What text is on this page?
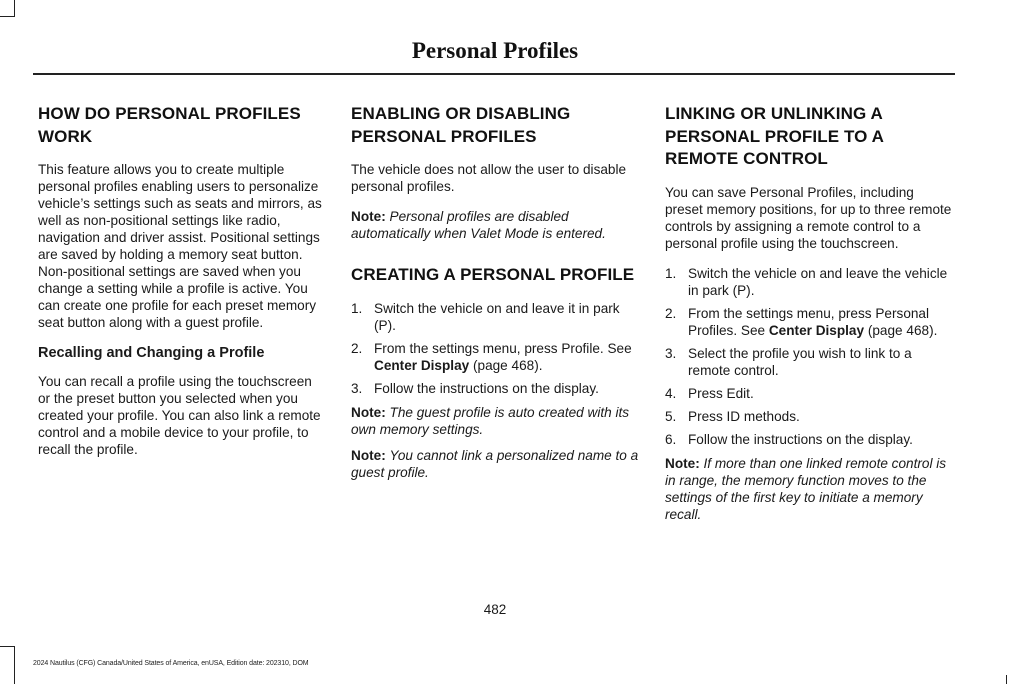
Personal Profiles
HOW DO PERSONAL PROFILES WORK

This feature allows you to create multiple personal profiles enabling users to personalize vehicle’s settings such as seats and mirrors, as well as non-positional settings like radio, navigation and driver assist. Positional settings are saved by holding a memory seat button. Non-positional settings are saved when you change a setting while a profile is active. You can create one profile for each preset memory seat button along with a guest profile.

Recalling and Changing a Profile

You can recall a profile using the touchscreen or the preset button you selected when you created your profile. You can also link a remote control and a mobile device to your profile, to recall the profile.

ENABLING OR DISABLING PERSONAL PROFILES

The vehicle does not allow the user to disable personal profiles.

Note: Personal profiles are disabled automatically when Valet Mode is entered.

CREATING A PERSONAL PROFILE
1. Switch the vehicle on and leave it in park (P).
2. From the settings menu, press Profile. See Center Display (page 468).
3. Follow the instructions on the display.

Note: The guest profile is auto created with its own memory settings.

Note: You cannot link a personalized name to a guest profile.

LINKING OR UNLINKING A PERSONAL PROFILE TO A REMOTE CONTROL

You can save Personal Profiles, including preset memory positions, for up to three remote controls by assigning a remote control to a personal profile using the touchscreen.

1. Switch the vehicle on and leave the vehicle in park (P).
2. From the settings menu, press Personal Profiles. See Center Display (page 468).
3. Select the profile you wish to link to a remote control.
4. Press Edit.
5. Press ID methods.
6. Follow the instructions on the display.

Note: If more than one linked remote control is in range, the memory function moves to the settings of the first key to initiate a memory recall.

482
2024 Nautilus (CFG) Canada/United States of America, enUSA, Edition date: 202310, DOM
